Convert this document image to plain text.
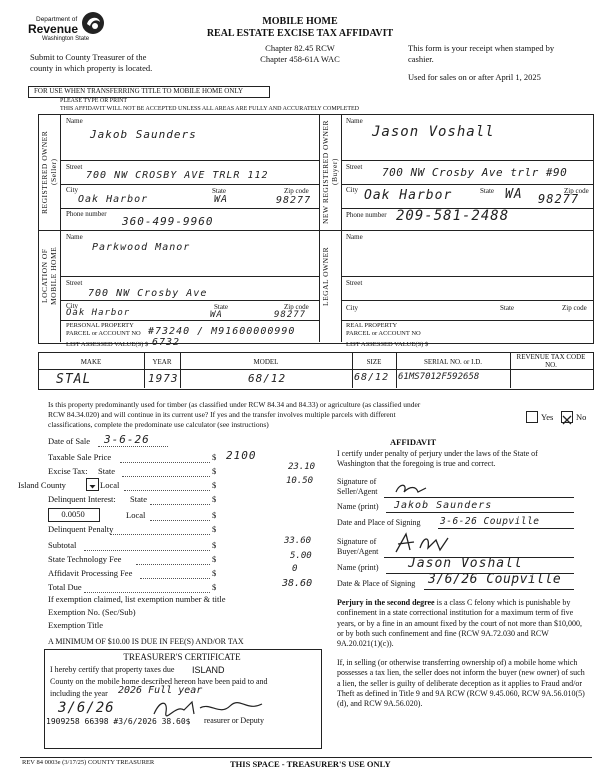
Department of
Revenue
Washington State
MOBILE HOME
REAL ESTATE EXCISE TAX AFFIDAVIT
Chapter 82.45 RCW
Chapter 458-61A WAC
Submit to County Treasurer of the
county in which property is located.
This form is your receipt when stamped by
cashier.
Used for sales on or after April 1, 2025
FOR USE WHEN TRANSFERRING TITLE TO MOBILE HOME ONLY
PLEASE TYPE OR PRINT
THIS AFFIDAVIT WILL NOT BE ACCEPTED UNLESS ALL AREAS ARE FULLY AND ACCURATELY COMPLETED
REGISTERED OWNER (Seller)
Name
Jakob Saunders
Street
700 NW CROSBY AVE TRLR 112
City
Oak Harbor
State
WA
Zip code
98277
Phone number
360-499-9960	NEW REGISTERED OWNER (Buyer)
Name
Jason Voshall
Street 700 NW Crosby Ave trlr #90
City Oak Harbor	State WA	Zip code
98277
Phone number 209-581-2488
LOCATION OF MOBILE HOME
Name
Parkwood Manor
Street
700 NW Crosby Ave
City
Oak Harbor
State
WA
Zip code
98277
PERSONAL PROPERTY
PARCEL or ACCOUNT NO #73240 / M91600000990
LIST ASSESSED VALUE(S) $ 6732
LEGAL OWNER
Name
Street
City	State	Zip code
REAL PROPERTY
PARCEL or ACCOUNT NO
LIST ASSESSED VALUE(S) $
MAKE	YEAR	MODEL	SIZE	SERIAL NO. or I.D.
REVENUE TAX CODE NO.
STAL	1973	68/12	68/12 61MS7012F592658
Is this property predominantly used for timber (as classified under RCW 84.34 and 84.33) or agriculture (as classified under
RCW 84.34.020) and will continue in its current use? If yes and the transfer involves multiple parcels with different
classifications, complete the predominate use calculator (see instructions)
Yes	No
Date of Sale 3-6-26
Taxable Sale Price	$ 2100
Excise Tax: State	$	23.10
Island County	Local	$	10.50
Delinquent Interest: State	$
0.0050	Local	$
Delinquent Penalty	$
Subtotal	$	33.60
State Technology Fee	$	5.00
Affidavit Processing Fee	$	0
Total Due	$	38.60
If exemption claimed, list exemption number & title
Exemption No. (Sec/Sub)
Exemption Title
A MINIMUM OF $10.00 IS DUE IN FEE(S) AND/OR TAX
TREASURER'S CERTIFICATE
I hereby certify that property taxes due ISLAND
County on the mobile home described hereon have been paid to and
including the year 2026 Full year
3/6/26
1909258 66398 #3/6/2026 38.60$ reasurer or Deputy
AFFIDAVIT
I certify under penalty of perjury under the laws of the State of
Washington that the foregoing is true and correct.
Signature of
Seller/Agent
Name (print) Jakob Saunders
Date and Place of Signing 3-6-26 Coupville
Signature of
Buyer/Agent
Name (print) Jason Voshall
Date & Place of Signing 3/6/26 Coupville
Perjury in the second degree is a class C felony which is punishable by confinement in a state correctional institution for a maximum term of five years, or by a fine in an amount fixed by the court of not more than $10,000, or by both such confinement and fine (RCW 9A.72.030 and RCW 9A.20.021(1)(c)).
If, in selling (or otherwise transferring ownership of) a mobile home which possesses a tax lien, the seller does not inform the buyer (new owner) of such a lien, the seller is guilty of deliberate deception as it applies to Fraud and/or Theft as defined in Title 9 and 9A RCW (RCW 9.45.060, RCW 9A.56.010(5)(d), and RCW 9A.56.020).
REV 84 0003e (3/17/25) COUNTY TREASURER	THIS SPACE - TREASURER'S USE ONLY
